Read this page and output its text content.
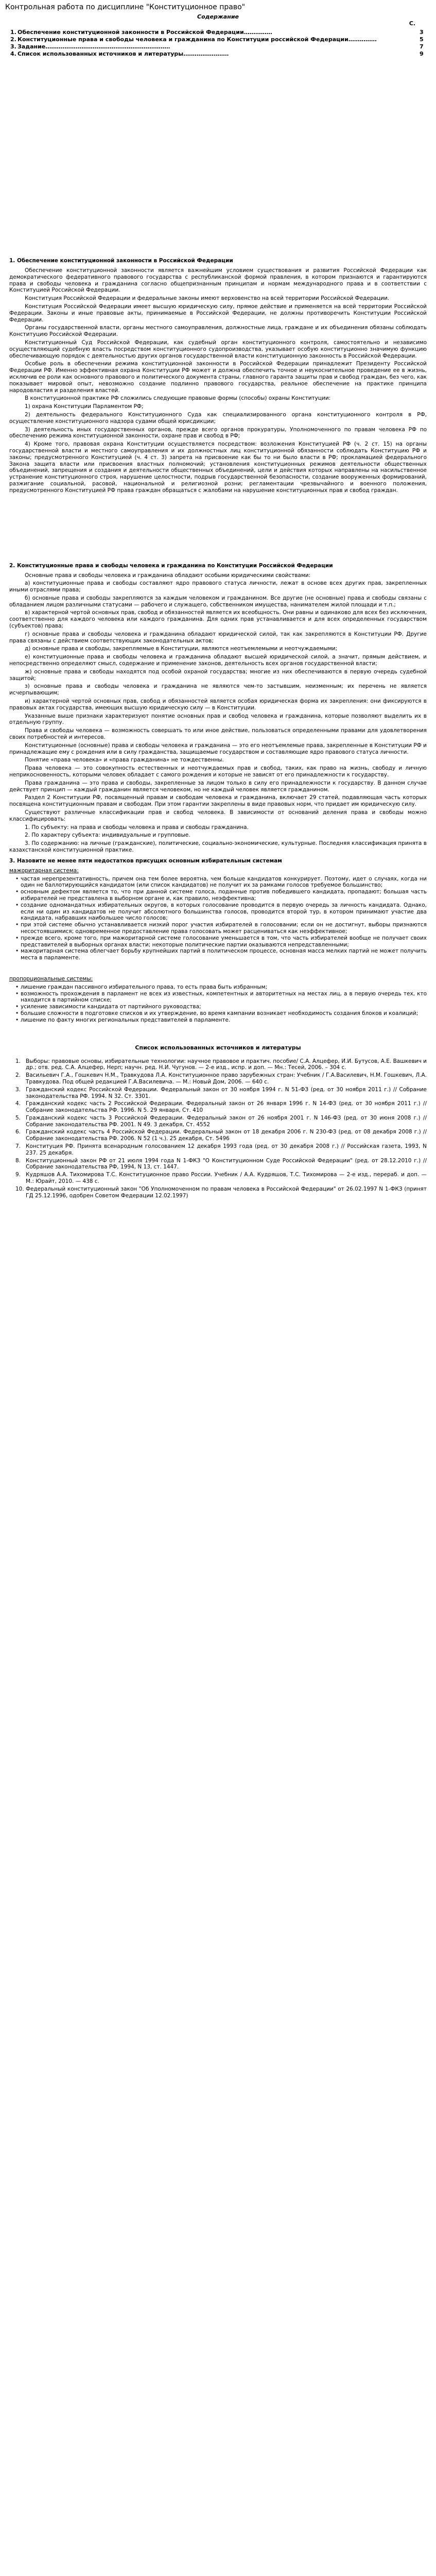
Контрольная работа по дисциплине "Конституционное право"
Содержание
С.
1. Обеспечение конституционной законности в Российской Федерации……………	3
2. Конституционные права и свободы человека и гражданина по Конституции российской Федерации……………	5
3. Задание…………………………………………………………	7
4. Список использованных источников и литературы……………………	9
1. Обеспечение конституционной законности в Российской Федерации

Обеспечение конституционной законности является важнейшим условием существования и развития Российской Федерации как демократического федеративного правового государства с республиканской формой правления, в котором признаются и гарантируются права и свободы человека и гражданина согласно общепризнанным принципам и нормам международного права и в соответствии с Конституцией Российской Федерации.

Конституция Российской Федерации и федеральные законы имеют верховенство на всей территории Российской Федерации.

Конституция Российской Федерации имеет высшую юридическую силу, прямое действие и применяется на всей территории Российской Федерации. Законы и иные правовые акты, принимаемые в Российской Федерации, не должны противоречить Конституции Российской Федерации.

Органы государственной власти, органы местного самоуправления, должностные лица, граждане и их объединения обязаны соблюдать Конституцию Российской Федерации.

Конституционный Суд Российской Федерации, как судебный орган конституционного контроля, самостоятельно и независимо осуществляющий судебную власть посредством конституционного судопроизводства, указывает особую конституционно значимую функцию обеспечивающую порядок с деятельностью других органов государственной власти конституционную законность в Российской Федерации.

Особые роль в обеспечении режима конституционной законности в Российской Федерации принадлежит Президенту Российской Федерации РФ. Именно эффективная охрана Конституции РФ может и должна обеспечить точное и неукоснительное проведение ее в жизнь, исключив ее роли как основного правового и политического документа страны, главного гаранта защиты прав и свобод граждан, без чего, как показывает мировой опыт, невозможно создание подлинно правового государства, реальное обеспечение на практике принципа народовластия и разделения властей.

В конституционной практике РФ сложились следующие правовые формы (способы) охраны Конституции:

1) охрана Конституции Парламентом РФ;

2) деятельность федерального Конституционного Суда как специализированного органа конституционного контроля в РФ, осуществление конституционного надзора судами общей юрисдикции;

3) деятельность иных государственных органов, прежде всего органов прокуратуры, Уполномоченного по правам человека РФ по обеспечению режима конституционной законности, охране прав и свобод в РФ;

4) Кроме того, правовая охрана Конституции осуществляется посредством: возложения Конституцией РФ (ч. 2 ст. 15) на органы государственной власти и местного самоуправления и их должностных лиц конституционной обязанности соблюдать Конституцию РФ и законы; предусмотренного Конституцией (ч. 4 ст. 3) запрета на присвоение как бы то ни было власти в РФ; прокламацией федерального Закона защита власти или присвоения властных полномочий; установления конституционных режимов деятельности общественных объединений, запрещения и создания и деятельности общественных объединений, цели и действия которых направлены на насильственное устранение конституционного строя, нарушение целостности, подрыв государственной безопасности, создание вооруженных формирований, разжигание социальной, расовой, национальной и религиозной розни; регламентации чрезвычайного и военного положения, предусмотренного Конституцией РФ права граждан обращаться с жалобами на нарушение конституционных прав и свобод граждан.

2. Конституционные права и свободы человека и гражданина по Конституции Российской Федерации

Основные права и свободы человека и гражданина обладают особыми юридическими свойствами:

а) конституционные права и свободы составляют ядро правового статуса личности, лежат в основе всех других прав, закрепленных иными отраслями права;

б) основные права и свободы закрепляются за каждым человеком и гражданином. Все другие (не основные) права и свободы связаны с обладанием лицом различными статусами — рабочего и служащего, собственником имущества, нанимателем жилой площади и т.п.;

в) характерной чертой основных прав, свобод и обязанностей является их всеобщность. Они равны и одинаково для всех без исключения, соответственно для каждого человека или каждого гражданина. Для одних прав устанавливается и для всех определенных государством (субъектов) права;

г) основные права и свободы человека и гражданина обладают юридической силой, так как закрепляются в Конституции РФ. Другие права связаны с действием соответствующих законодательных актов;

д) основные права и свободы, закрепляемые в Конституции, являются неотъемлемыми и неотчуждаемыми;

е) конституционные права и свободы человека и гражданина обладают высшей юридической силой, а значит, прямым действием, и непосредственно определяют смысл, содержание и применение законов, деятельность всех органов государственной власти;

ж) основные права и свободы находятся под особой охраной государства; многие из них обеспечиваются в первую очередь судебной защитой;

з) основные права и свободы человека и гражданина не являются чем-то застывшим, неизменным; их перечень не является исчерпывающим;

и) характерной чертой основных прав, свобод и обязанностей является особая юридическая форма их закрепления: они фиксируются в правовых актах государства, имеющих высшую юридическую силу — в Конституции.

Указанные выше признаки характеризуют понятие основных прав и свобод человека и гражданина, которые позволяют выделить их в отдельную группу.

Права и свободы человека — возможность совершать то или иное действие, пользоваться определенными правами для удовлетворения своих потребностей и интересов.

Конституционные (основные) права и свободы человека и гражданина — это его неотъемлемые права, закрепленные в Конституции РФ и принадлежащие ему с рождения или в силу гражданства, защищаемые государством и составляющие ядро правового статуса личности.

Понятие «права человека» и «права гражданина» не тождественны.

Права человека — это совокупность естественных и неотчуждаемых прав и свобод, таких, как право на жизнь, свободу и личную неприкосновенность, которыми человек обладает с самого рождения и которые не зависят от его принадлежности к государству.

Права гражданина — это права и свободы, закрепленные за лицом только в силу его принадлежности к государству. В данном случае действует принцип — каждый гражданин является человеком, но не каждый человек является гражданином.

Раздел 2 Конституции РФ, посвященный правам и свободам человека и гражданина, включает 29 статей, подавляющая часть которых посвящена конституционным правам и свободам. При этом гарантии закреплены в виде правовых норм, что придает им юридическую силу.

Существуют различные классификации прав и свобод человека. В зависимости от оснований деления права и свободы можно классифицировать:

1. По субъекту: на права и свободы человека и права и свободы гражданина.

2. По характеру субъекта: индивидуальные и групповые.

3. По содержанию: на личные (гражданские), политические, социально-экономические, культурные. Последняя классификация принята в казахстанской конституционной практике.

3. Назовите не менее пяти недостатков присущих основным избирательным системам

мажоритарная система:

• частая нерепрезентативность, причем она тем более вероятна, чем больше кандидатов конкурирует. Поэтому, идет о случаях, когда ни один не баллотирующийся кандидатом (или список кандидатов) не получит их за рамками голосов требуемое большинство;
• основным дефектом является то, что при данной системе голоса, поданные против победившего кандидата, пропадают; большая часть избирателей не представлена в выборном органе и, как правило, неэффективна;
• создание одномандатных избирательных округов, в которых голосование проводится в первую очередь за личность кандидата. Однако, если ни один из кандидатов не получит абсолютного большинства голосов, проводится второй тур, в котором принимают участие два кандидата, набравших наибольшее число голосов;
• при этой системе обычно устанавливается низкий порог участия избирателей в голосовании; если он не достигнут, выборы признаются несостоявшимися; одновременное предоставление права голосовать может расцениваться как неэффективное;
• прежде всего, кроме того, при мажоритарной системе голосование уменьшается в том, что часть избирателей вообще не получает своих представителей в выборных органах власти; некоторые политические партии оказываются непредставленными;
• мажоритарная система облегчает борьбу крупнейших партий в политическом процессе, основная масса мелких партий не может получить места в парламенте.

пропорциональные системы:

• лишение граждан пассивного избирательного права, то есть права быть избранным;
• возможность прохождения в парламент не всех из известных, компетентных и авторитетных на местах лиц, а в первую очередь тех, кто находится в партийном списке;
• усиление зависимости кандидата от партийного руководства;
• большие сложности в подготовке списков и их утверждение, во время кампании возникает необходимость создания блоков и коалиций;
• лишение по факту многих региональных представителей в парламенте.
Список использованных источников и литературы
1. Выборы: правовые основы, избирательные технологии: научное правовое и практич. пособие/ С.А. Алцефер, И.И. Бутусов, А.Е. Вашкевич и др.; отв. ред. С.А. Алцефер, Нерп; научн. ред. Н.И. Чугунов. — 2-е изд., испр. и доп. — Мн.: Тесей, 2006. – 304 с.
2. Васильевич Г.А., Гошкевич Н.М., Травкудова Л.А. Конституционное право зарубежных стран: Учебник / Г.А.Василевич, Н.М. Гошкевич, Л.А. Травкудова. Под общей редакцией Г.А.Василевича. — М.: Новый Дом, 2006. — 640 с.
3. Гражданский кодекс Российской Федерации. Федеральный закон от 30 ноября 1994 г. N 51-ФЗ (ред. от 30 ноября 2011 г.) // Собрание законодательства РФ. 1994. N 32. Ст. 3301.
4. Гражданский кодекс часть 2 Российской Федерации. Федеральный закон от 26 января 1996 г. N 14-ФЗ (ред. от 30 ноября 2011 г.) // Собрание законодательства РФ. 1996. N 5. 29 января, Ст. 410
5. Гражданский кодекс часть 3 Российской Федерации. Федеральный закон от 26 ноября 2001 г. N 146-ФЗ (ред. от 30 июня 2008 г.) // Собрание законодательства РФ. 2001. N 49. 3 декабря, Ст. 4552
6. Гражданский кодекс часть 4 Российской Федерации. Федеральный закон от 18 декабря 2006 г. N 230-ФЗ (ред. от 08 декабря 2008 г.) // Собрание законодательства РФ. 2006. N 52 (1 ч.). 25 декабря, Ст. 5496
7. Конституция РФ. Принята всенародным голосованием 12 декабря 1993 года (ред. от 30 декабря 2008 г.) // Российская газета, 1993, N 237. 25 декабря.
8. Конституционный закон РФ от 21 июля 1994 года N 1-ФКЗ "О Конституционном Суде Российской Федерации" (ред. от 28.12.2010 г.) // Собрание законодательства РФ, 1994, N 13, ст. 1447.
9. Кудряшов А.А. Тихомирова Т.С. Конституционное право России. Учебник / А.А. Кудряшов, Т.С. Тихомирова — 2-е изд., перераб. и доп. — М.: Юрайт, 2010. — 438 с.
10. Федеральный конституционный закон "Об Уполномоченном по правам человека в Российской Федерации" от 26.02.1997 N 1-ФКЗ (принят ГД 25.12.1996, одобрен Советом Федерации 12.02.1997)
